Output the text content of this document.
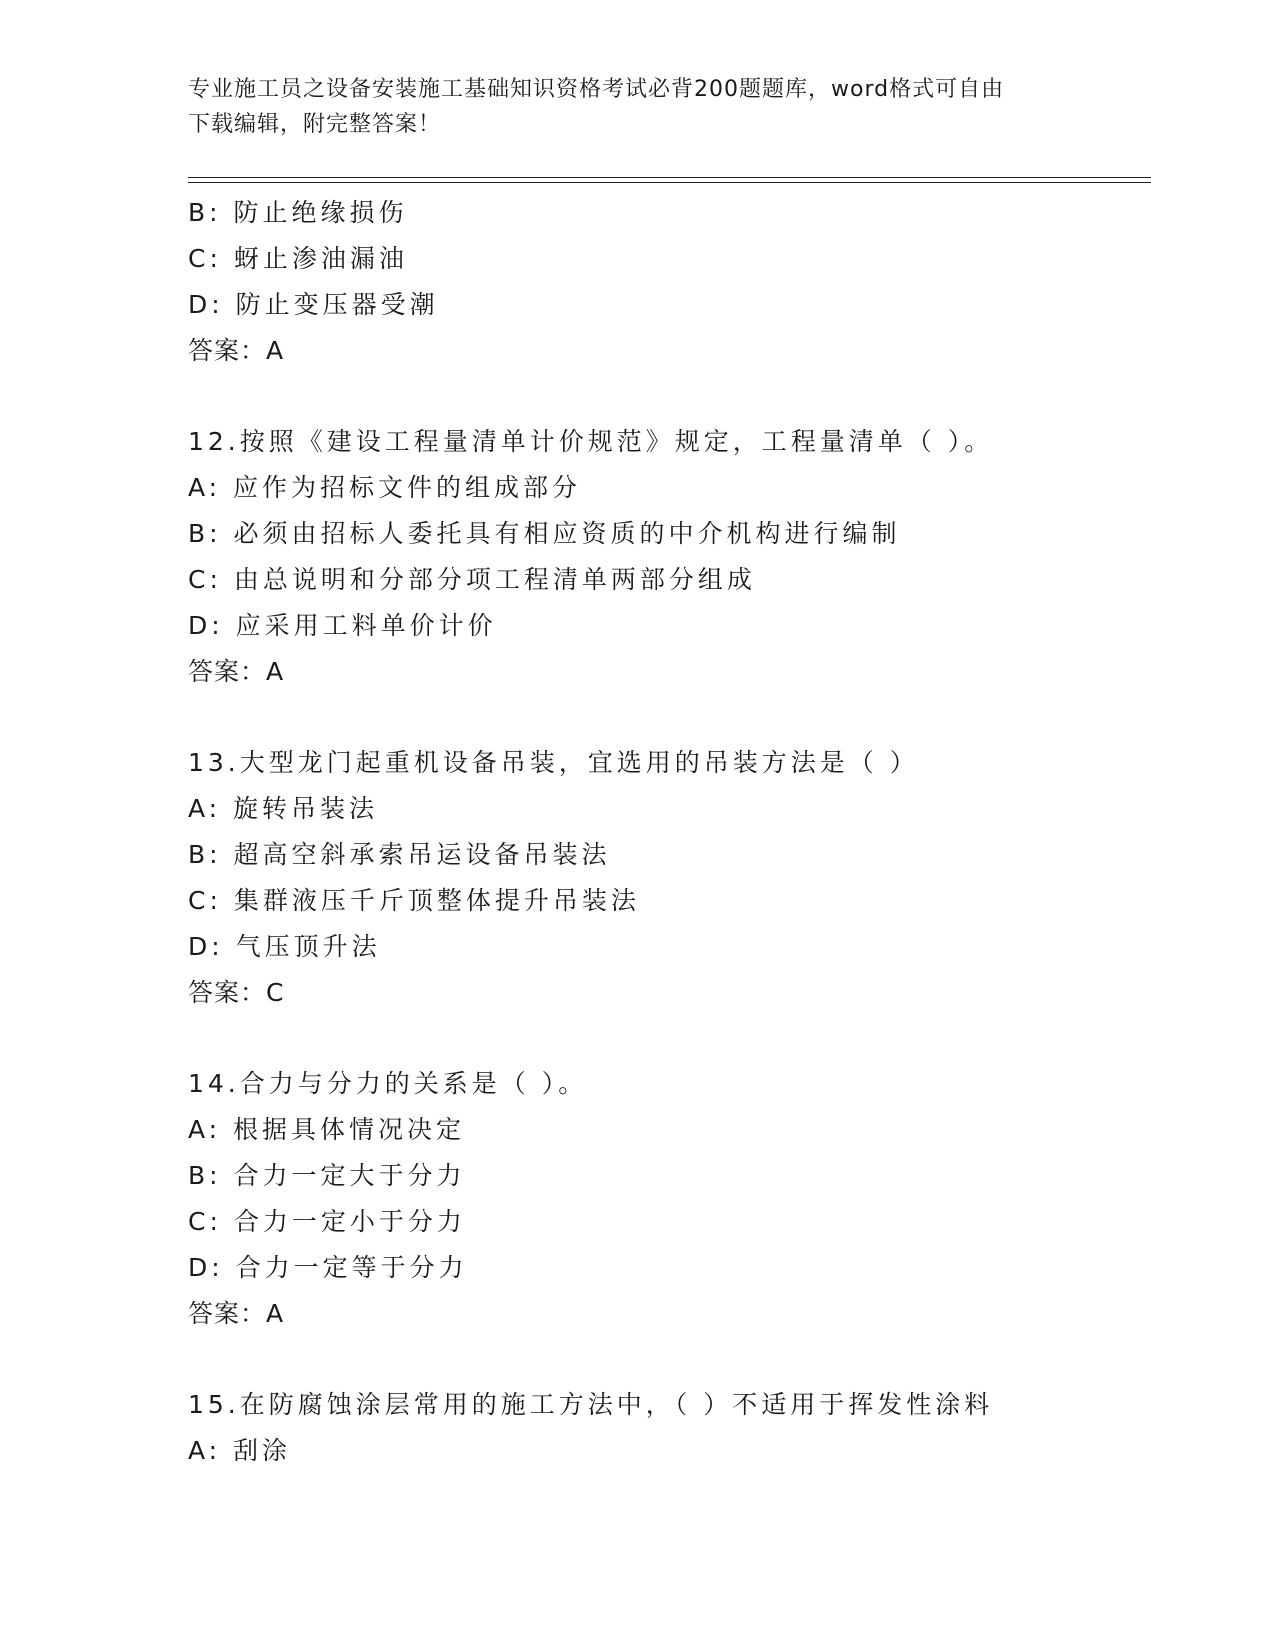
专业施工员之设备安装施工基础知识资格考试必背200题题库，word格式可自由
下载编辑，附完整答案！
B: 防止绝缘损伤
C: 蚜止渗油漏油
D: 防止变压器受潮
答案：A
12.按照《建设工程量清单计价规范》规定，工程量清单（ ）。
A: 应作为招标文件的组成部分
B: 必须由招标人委托具有相应资质的中介机构进行编制
C: 由总说明和分部分项工程清单两部分组成
D: 应采用工料单价计价
答案：A
13.大型龙门起重机设备吊装，宜选用的吊装方法是（ ）
A: 旋转吊装法
B: 超高空斜承索吊运设备吊装法
C: 集群液压千斤顶整体提升吊装法
D: 气压顶升法
答案：C
14.合力与分力的关系是（ ）。
A: 根据具体情况决定
B: 合力一定大于分力
C: 合力一定小于分力
D: 合力一定等于分力
答案：A
15.在防腐蚀涂层常用的施工方法中，（ ）不适用于挥发性涂料
A: 刮涂
